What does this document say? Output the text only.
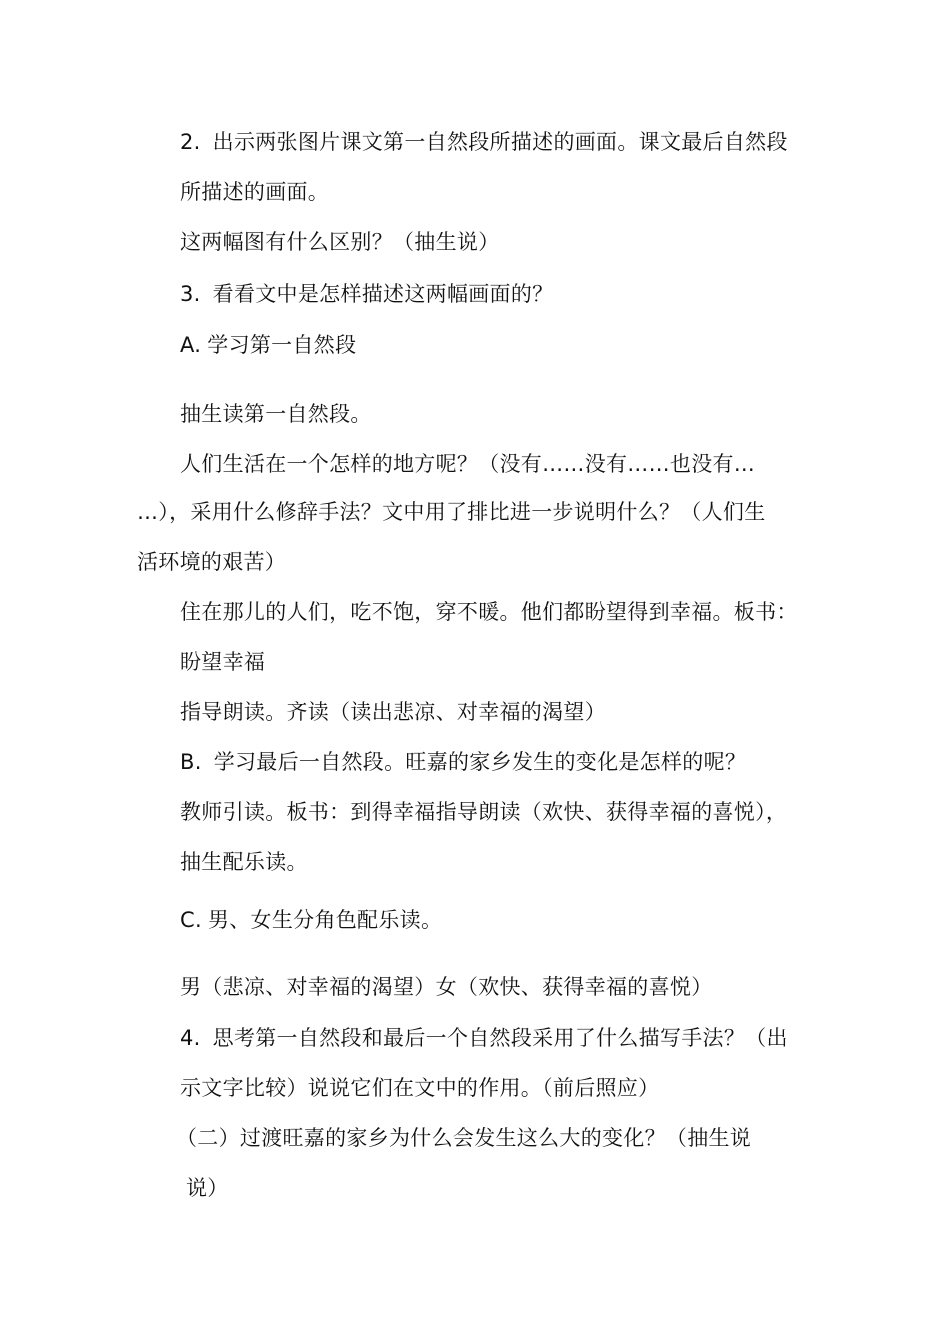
2. 出示两张图片课文第一自然段所描述的画面。课文最后自然段
所描述的画面。
这两幅图有什么区别？（抽生说）
3. 看看文中是怎样描述这两幅画面的？
A. 学习第一自然段
抽生读第一自然段。
人们生活在一个怎样的地方呢？（没有……没有……也没有…
…），采用什么修辞手法？文中用了排比进一步说明什么？（人们生
活环境的艰苦）
住在那儿的人们，吃不饱，穿不暖。他们都盼望得到幸福。板书：
盼望幸福
指导朗读。齐读（读出悲凉、对幸福的渴望）
B. 学习最后一自然段。旺嘉的家乡发生的变化是怎样的呢？
教师引读。板书：到得幸福指导朗读（欢快、获得幸福的喜悦），
抽生配乐读。
C. 男、女生分角色配乐读。
男（悲凉、对幸福的渴望）女（欢快、获得幸福的喜悦）
4. 思考第一自然段和最后一个自然段采用了什么描写手法？（出
示文字比较）说说它们在文中的作用。（前后照应）
（二）过渡旺嘉的家乡为什么会发生这么大的变化？（抽生说
说）
